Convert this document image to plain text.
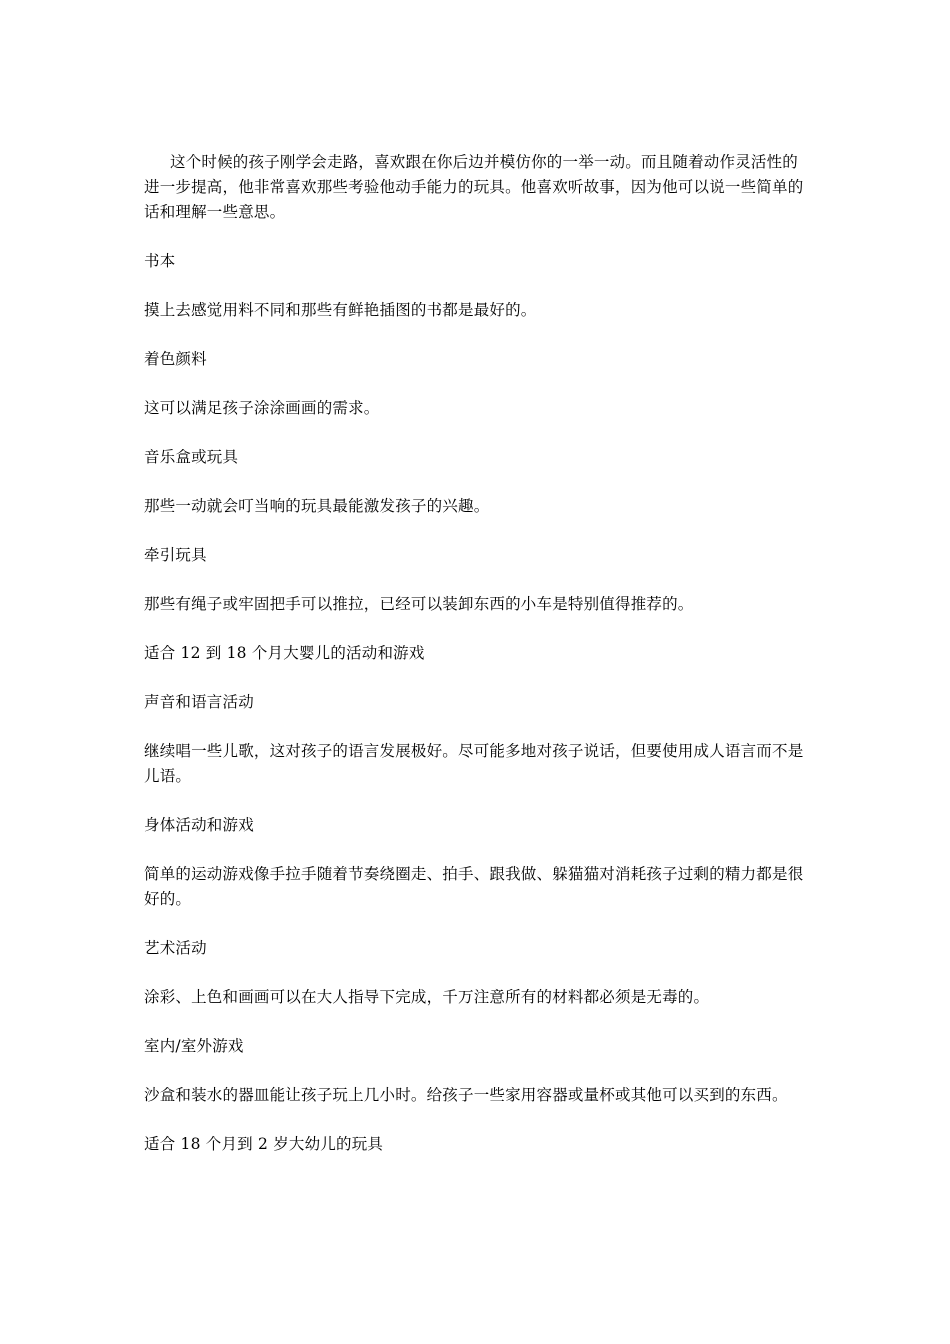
这个时候的孩子刚学会走路，喜欢跟在你后边并模仿你的一举一动。而且随着动作灵活性的进一步提高，他非常喜欢那些考验他动手能力的玩具。他喜欢听故事，因为他可以说一些简单的话和理解一些意思。

书本

摸上去感觉用料不同和那些有鲜艳插图的书都是最好的。

着色颜料

这可以满足孩子涂涂画画的需求。

音乐盒或玩具

那些一动就会叮当响的玩具最能激发孩子的兴趣。

牵引玩具

那些有绳子或牢固把手可以推拉，已经可以装卸东西的小车是特别值得推荐的。

适合 12 到 18 个月大婴儿的活动和游戏

声音和语言活动

继续唱一些儿歌，这对孩子的语言发展极好。尽可能多地对孩子说话，但要使用成人语言而不是儿语。

身体活动和游戏

简单的运动游戏像手拉手随着节奏绕圈走、拍手、跟我做、躲猫猫对消耗孩子过剩的精力都是很好的。

艺术活动

涂彩、上色和画画可以在大人指导下完成，千万注意所有的材料都必须是无毒的。

室内/室外游戏

沙盒和装水的器皿能让孩子玩上几小时。给孩子一些家用容器或量杯或其他可以买到的东西。

适合 18 个月到 2 岁大幼儿的玩具
